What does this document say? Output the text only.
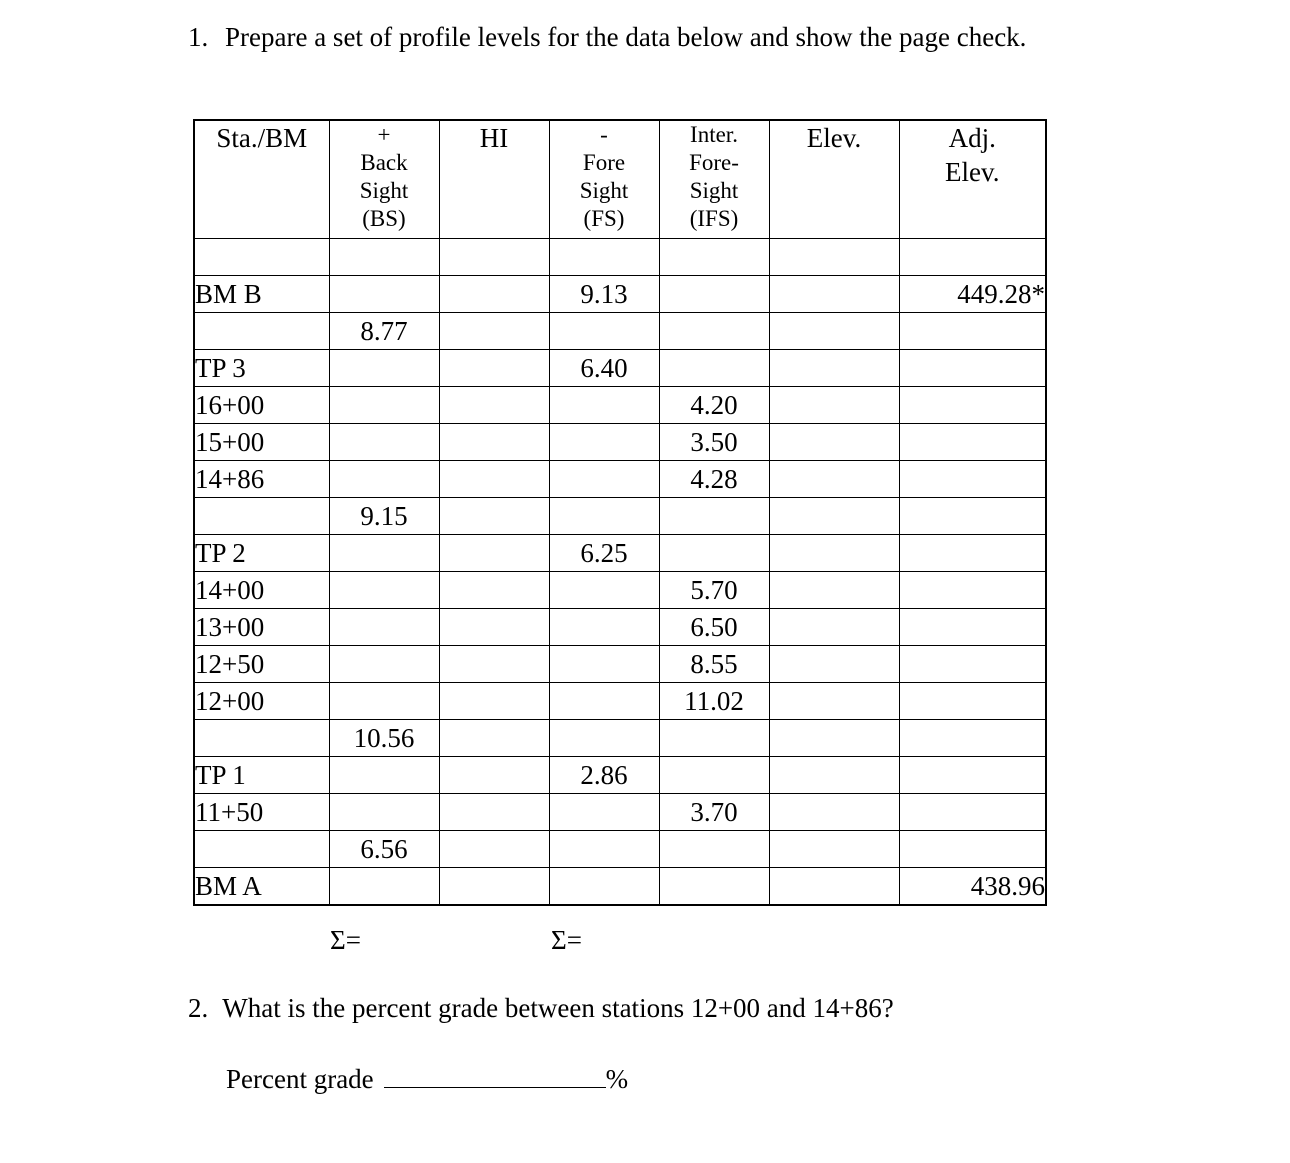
1. Prepare a set of profile levels for the data below and show the page check.
Sta./BM	+
Back
Sight
(BS)	HI	-
Fore
Sight
(FS)	Inter.
Fore-
Sight
(IFS)	Elev.	Adj.
Elev.

BM B			9.13			449.28*
	8.77					
TP 3			6.40			
16+00				4.20		
15+00				3.50		
14+86				4.28		
	9.15					
TP 2			6.25			
14+00				5.70		
13+00				6.50		
12+50				8.55		
12+00				11.02		
	10.56					
TP 1			2.86			
11+50				3.70		
	6.56					
BM A						438.96
Σ=	Σ=
2. What is the percent grade between stations 12+00 and 14+86?
Percent grade	%
